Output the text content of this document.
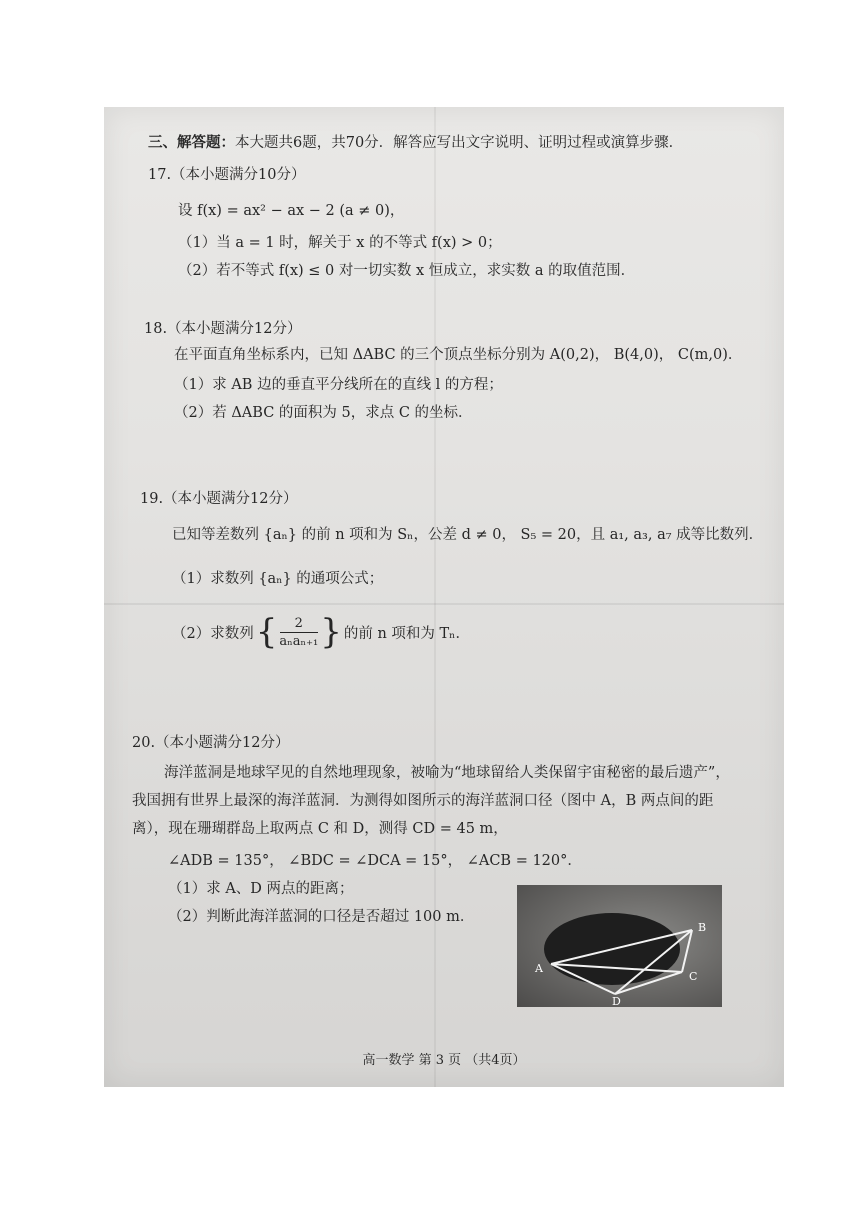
三、解答题：本大题共6题，共70分．解答应写出文字说明、证明过程或演算步骤．
17.（本小题满分10分）
设 f(x) = ax² − ax − 2 (a ≠ 0)，
（1）当 a = 1 时，解关于 x 的不等式 f(x) > 0；
（2）若不等式 f(x) ≤ 0 对一切实数 x 恒成立，求实数 a 的取值范围．
18.（本小题满分12分）
在平面直角坐标系内，已知 ΔABC 的三个顶点坐标分别为 A(0,2)， B(4,0)， C(m,0)．
（1）求 AB 边的垂直平分线所在的直线 l 的方程；
（2）若 ΔABC 的面积为 5，求点 C 的坐标．
19.（本小题满分12分）
已知等差数列 {aₙ} 的前 n 项和为 Sₙ，公差 d ≠ 0， S₅ = 20，且 a₁, a₃, a₇ 成等比数列．
（1）求数列 {aₙ} 的通项公式；
（2）求数列 { 2
aₙaₙ₊₁ } 的前 n 项和为 Tₙ．
20.（本小题满分12分）
海洋蓝洞是地球罕见的自然地理现象，被喻为“地球留给人类保留宇宙秘密的最后遗产”，
我国拥有世界上最深的海洋蓝洞．为测得如图所示的海洋蓝洞口径（图中 A，B 两点间的距
离），现在珊瑚群岛上取两点 C 和 D，测得 CD = 45 m，
∠ADB = 135°， ∠BDC = ∠DCA = 15°， ∠ACB = 120°．
（1）求 A、D 两点的距离；
（2）判断此海洋蓝洞的口径是否超过 100 m．
A
B
C
D
高一数学 第 3 页 （共4页）
